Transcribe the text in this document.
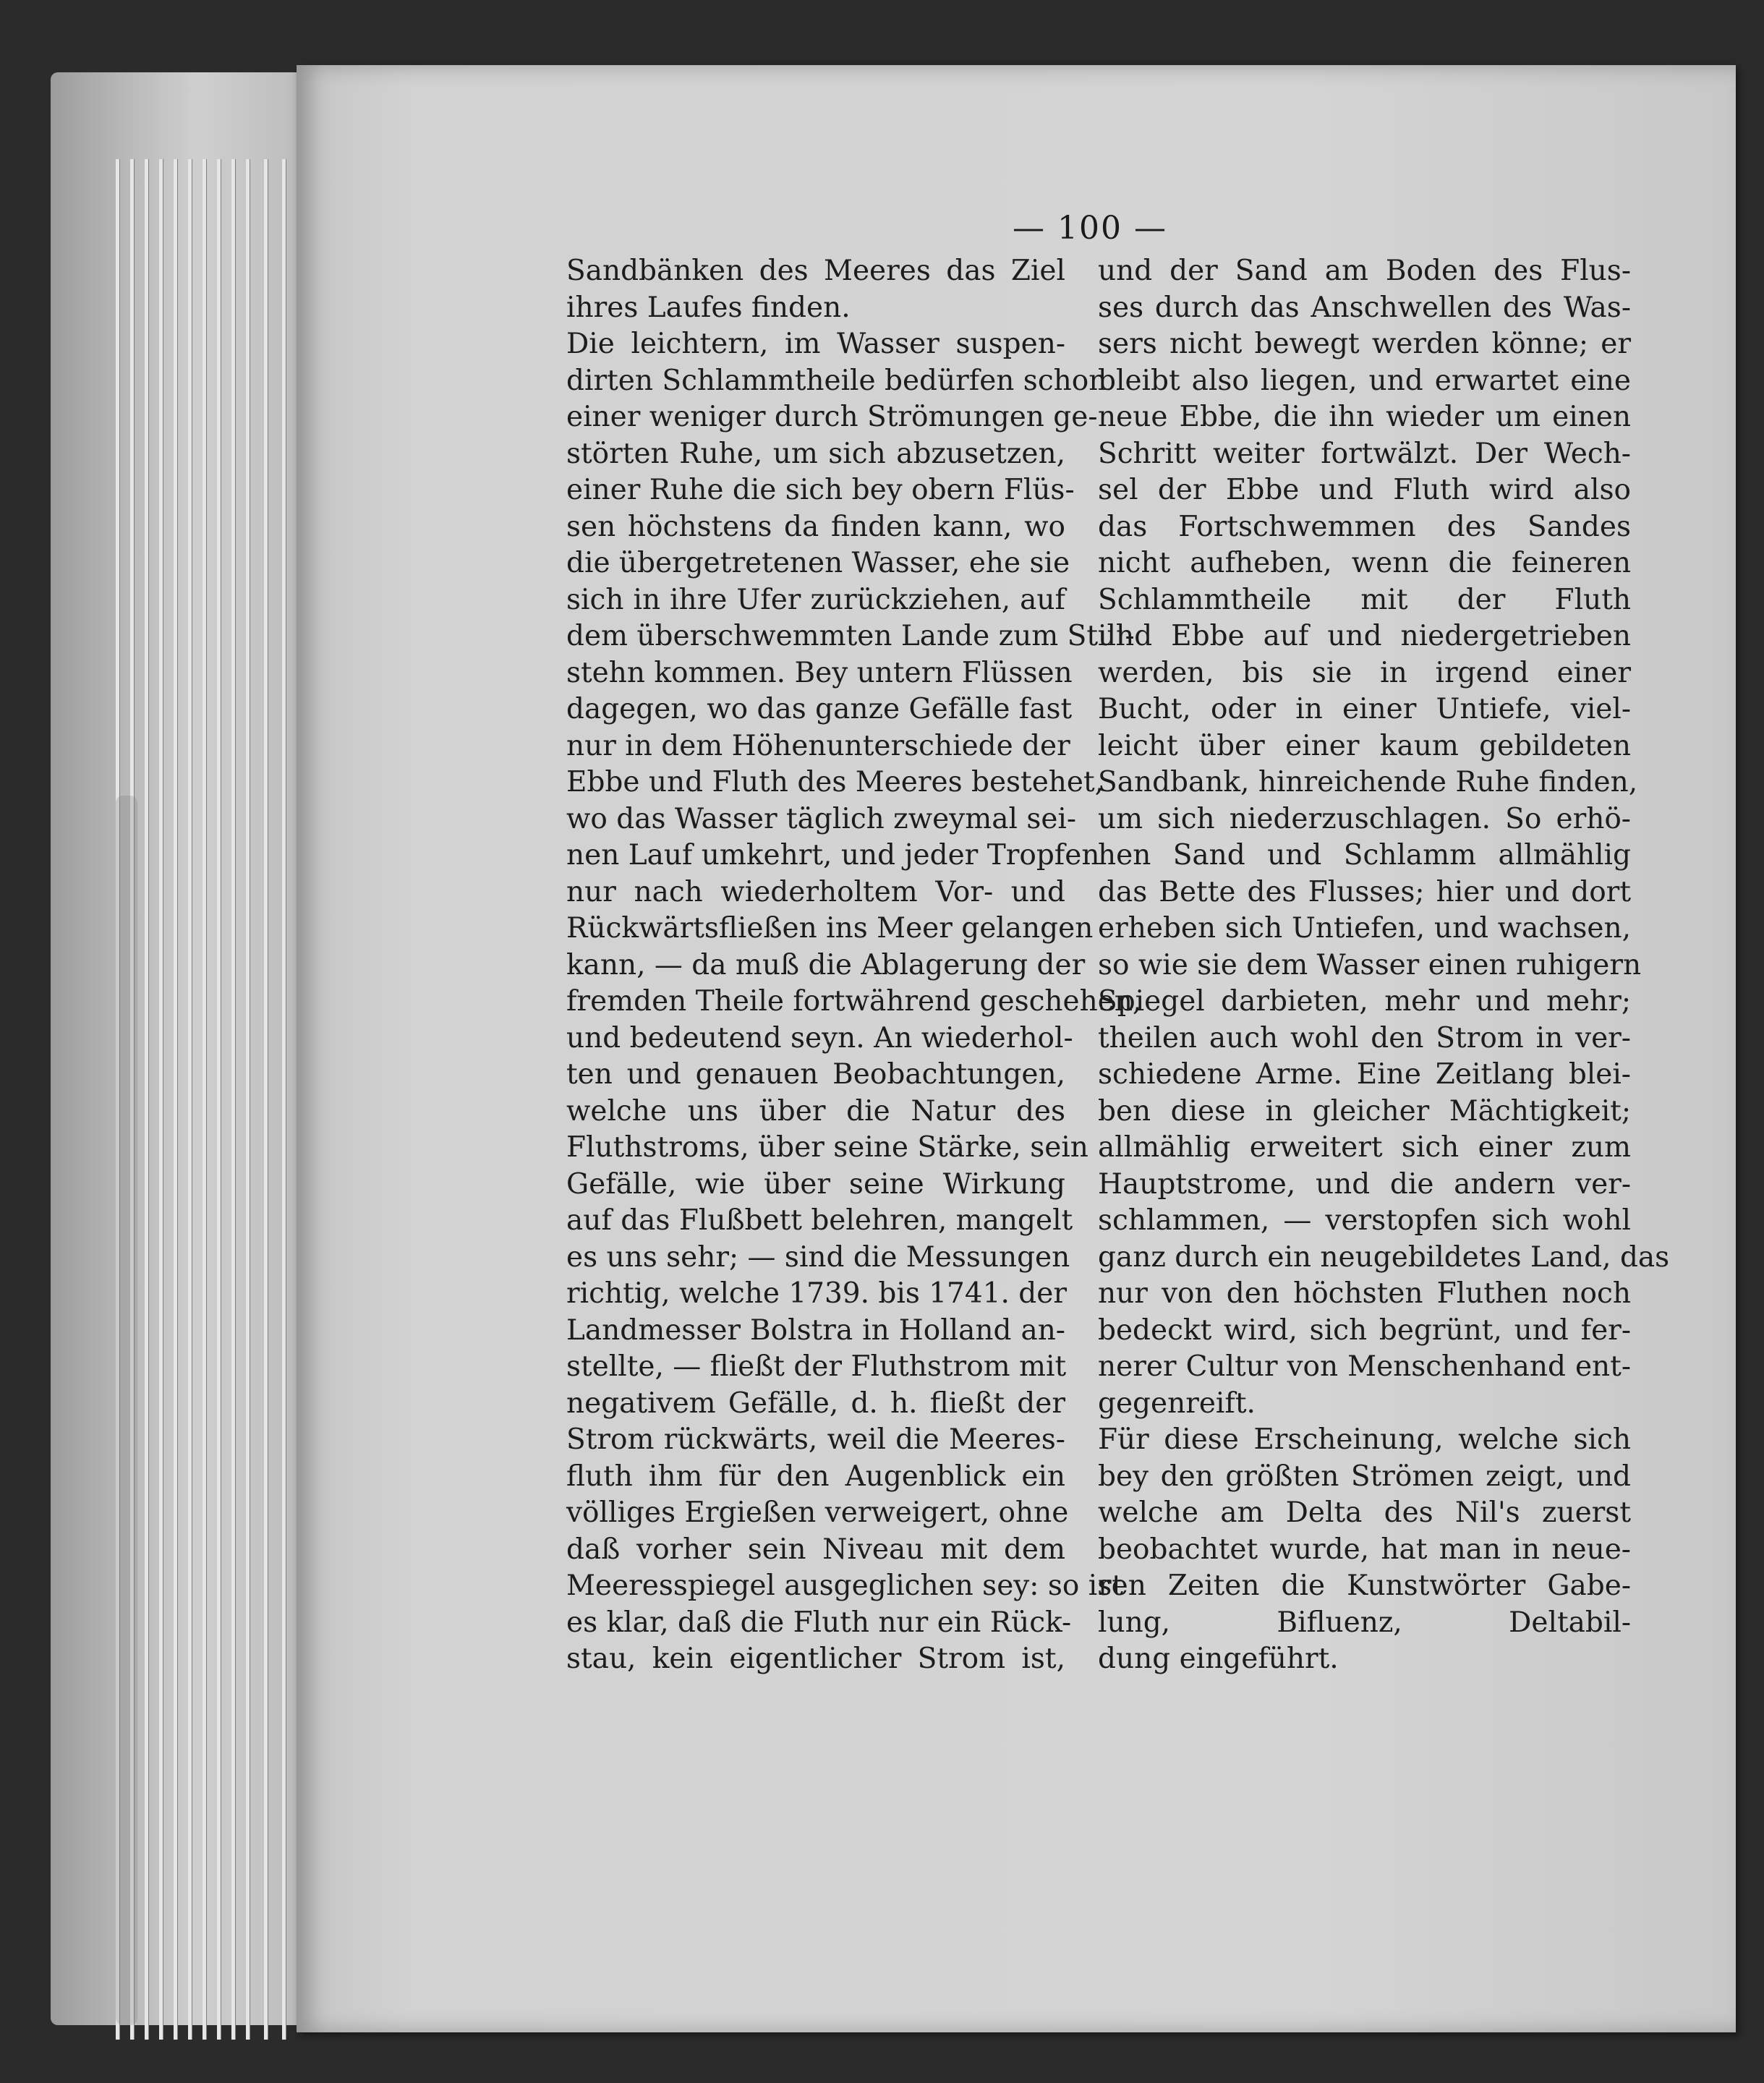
— 100 —
Sandbänken des Meeres das Ziel
ihres Laufes finden.
Die leichtern, im Wasser suspen-
dirten Schlammtheile bedürfen schon
einer weniger durch Strömungen ge-
störten Ruhe, um sich abzusetzen,
einer Ruhe die sich bey obern Flüs-
sen höchstens da finden kann, wo
die übergetretenen Wasser, ehe sie
sich in ihre Ufer zurückziehen, auf
dem überschwemmten Lande zum Still-
stehn kommen. Bey untern Flüssen
dagegen, wo das ganze Gefälle fast
nur in dem Höhenunterschiede der
Ebbe und Fluth des Meeres bestehet,
wo das Wasser täglich zweymal sei-
nen Lauf umkehrt, und jeder Tropfen
nur nach wiederholtem Vor- und
Rückwärtsfließen ins Meer gelangen
kann, — da muß die Ablagerung der
fremden Theile fortwährend geschehen,
und bedeutend seyn. An wiederhol-
ten und genauen Beobachtungen,
welche uns über die Natur des
Fluthstroms, über seine Stärke, sein
Gefälle, wie über seine Wirkung
auf das Flußbett belehren, mangelt
es uns sehr; — sind die Messungen
richtig, welche 1739. bis 1741. der
Landmesser Bolstra in Holland an-
stellte, — fließt der Fluthstrom mit
negativem Gefälle, d. h. fließt der
Strom rückwärts, weil die Meeres-
fluth ihm für den Augenblick ein
völliges Ergießen verweigert, ohne
daß vorher sein Niveau mit dem
Meeresspiegel ausgeglichen sey: so ist
es klar, daß die Fluth nur ein Rück-
stau, kein eigentlicher Strom ist,
und der Sand am Boden des Flus-
ses durch das Anschwellen des Was-
sers nicht bewegt werden könne; er
bleibt also liegen, und erwartet eine
neue Ebbe, die ihn wieder um einen
Schritt weiter fortwälzt. Der Wech-
sel der Ebbe und Fluth wird also
das Fortschwemmen des Sandes
nicht aufheben, wenn die feineren
Schlammtheile mit der Fluth
und Ebbe auf und niedergetrieben
werden, bis sie in irgend einer
Bucht, oder in einer Untiefe, viel-
leicht über einer kaum gebildeten
Sandbank, hinreichende Ruhe finden,
um sich niederzuschlagen. So erhö-
hen Sand und Schlamm allmählig
das Bette des Flusses; hier und dort
erheben sich Untiefen, und wachsen,
so wie sie dem Wasser einen ruhigern
Spiegel darbieten, mehr und mehr;
theilen auch wohl den Strom in ver-
schiedene Arme. Eine Zeitlang blei-
ben diese in gleicher Mächtigkeit;
allmählig erweitert sich einer zum
Hauptstrome, und die andern ver-
schlammen, — verstopfen sich wohl
ganz durch ein neugebildetes Land, das
nur von den höchsten Fluthen noch
bedeckt wird, sich begrünt, und fer-
nerer Cultur von Menschenhand ent-
gegenreift.
Für diese Erscheinung, welche sich
bey den größten Strömen zeigt, und
welche am Delta des Nil's zuerst
beobachtet wurde, hat man in neue-
ren Zeiten die Kunstwörter Gabe-
lung, Bifluenz, Deltabil-
dung eingeführt.
